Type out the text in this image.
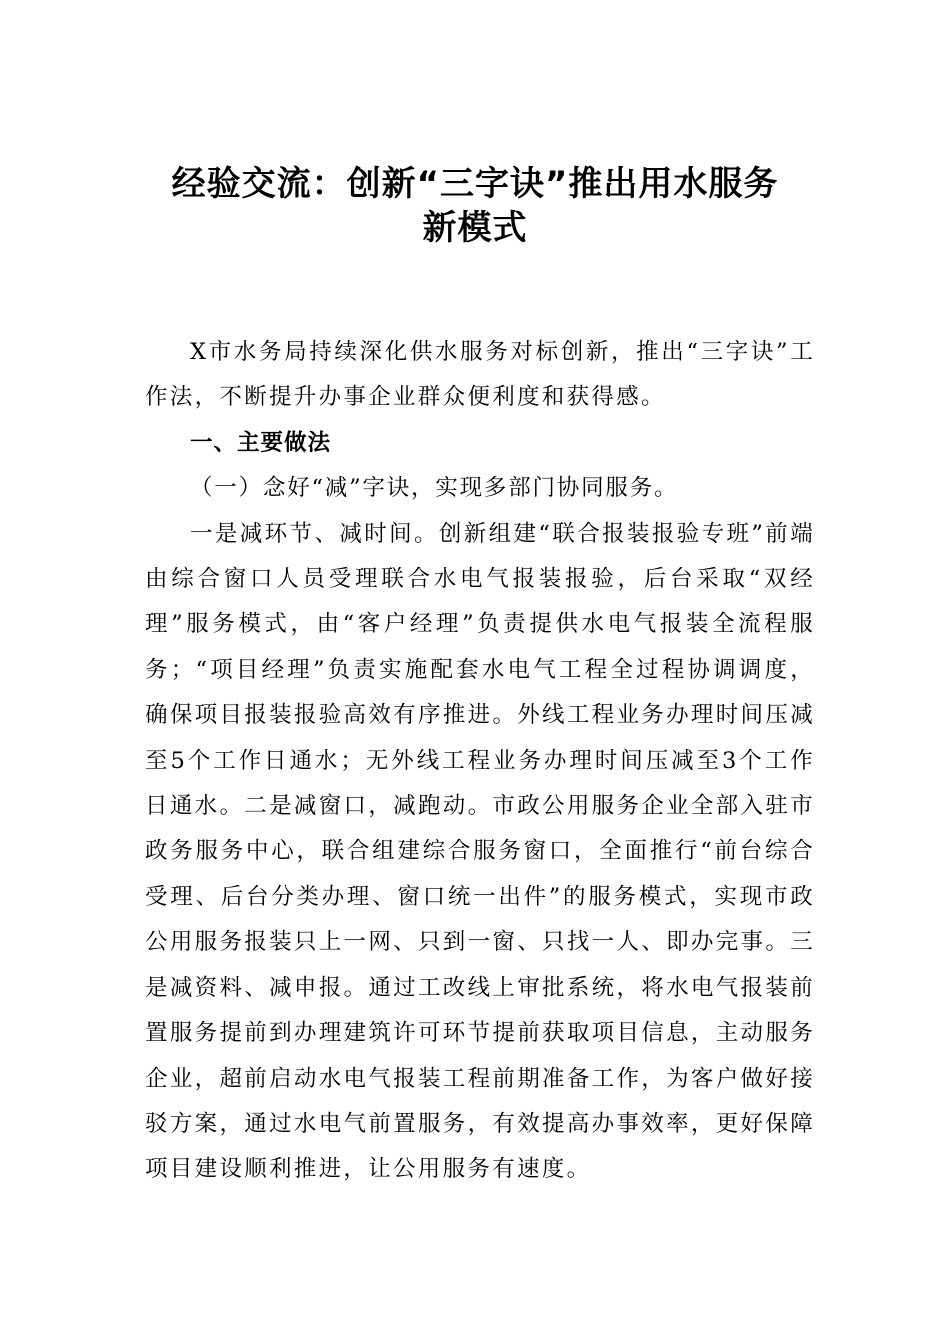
经验交流：创新“三字诀”推出用水服务
新模式

X市水务局持续深化供水服务对标创新，推出“三字诀”工作法，不断提升办事企业群众便利度和获得感。

一、主要做法

（一）念好“减”字诀，实现多部门协同服务。

一是减环节、减时间。创新组建“联合报装报验专班”前端由综合窗口人员受理联合水电气报装报验，后台采取“双经理”服务模式，由“客户经理”负责提供水电气报装全流程服务；“项目经理”负责实施配套水电气工程全过程协调调度，确保项目报装报验高效有序推进。外线工程业务办理时间压减至5个工作日通水；无外线工程业务办理时间压减至3个工作日通水。二是减窗口，减跑动。市政公用服务企业全部入驻市政务服务中心，联合组建综合服务窗口，全面推行“前台综合受理、后台分类办理、窗口统一出件”的服务模式，实现市政公用服务报装只上一网、只到一窗、只找一人、即办完事。三是减资料、减申报。通过工改线上审批系统，将水电气报装前置服务提前到办理建筑许可环节提前获取项目信息，主动服务企业，超前启动水电气报装工程前期准备工作，为客户做好接驳方案，通过水电气前置服务，有效提高办事效率，更好保障项目建设顺利推进，让公用服务有速度。
